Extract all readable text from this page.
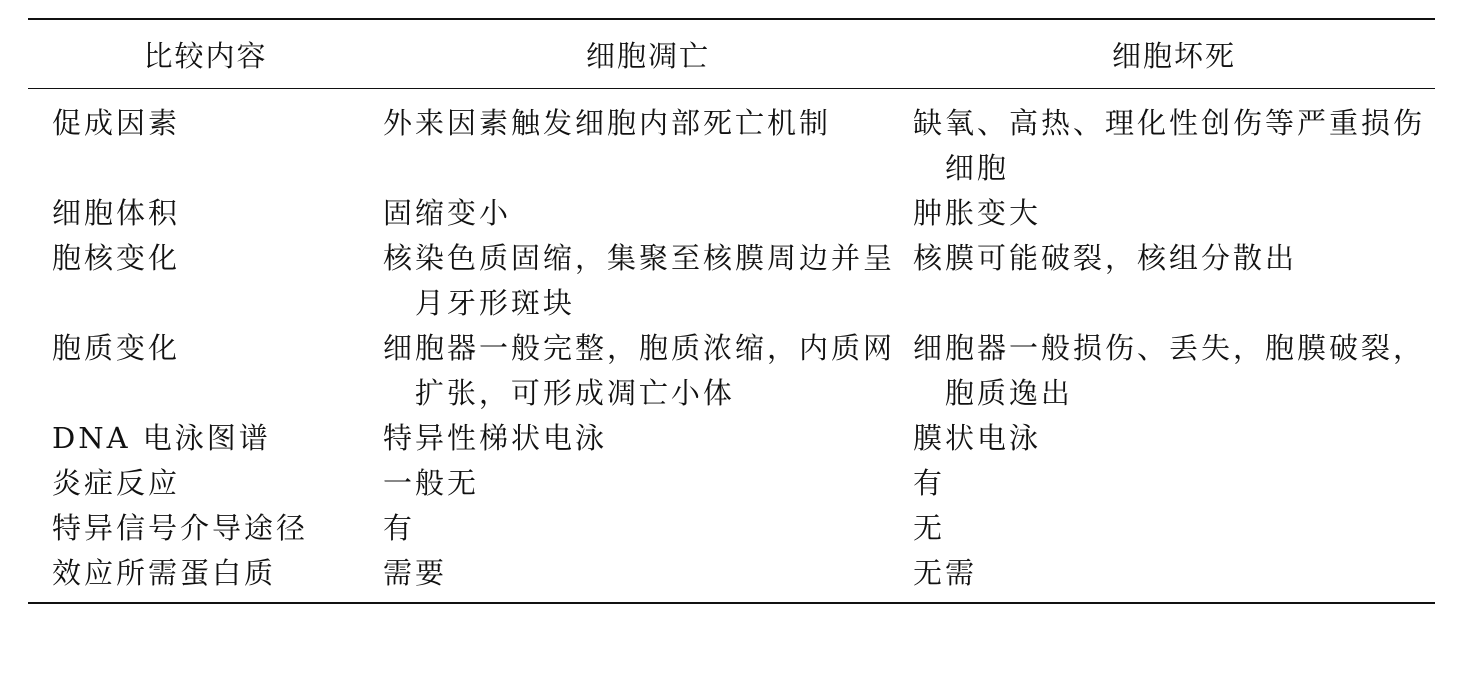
比较内容	细胞凋亡	细胞坏死

促成因素	外来因素触发细胞内部死亡机制	缺氧、高热、理化性创伤等严重损伤细胞

细胞体积	固缩变小	肿胀变大

胞核变化	核染色质固缩，集聚至核膜周边并呈月牙形斑块	核膜可能破裂，核组分散出

胞质变化	细胞器一般完整，胞质浓缩，内质网扩张，可形成凋亡小体	细胞器一般损伤、丢失，胞膜破裂，胞质逸出

DNA 电泳图谱	特异性梯状电泳	膜状电泳

炎症反应	一般无	有

特异信号介导途径	有	无

效应所需蛋白质	需要	无需
